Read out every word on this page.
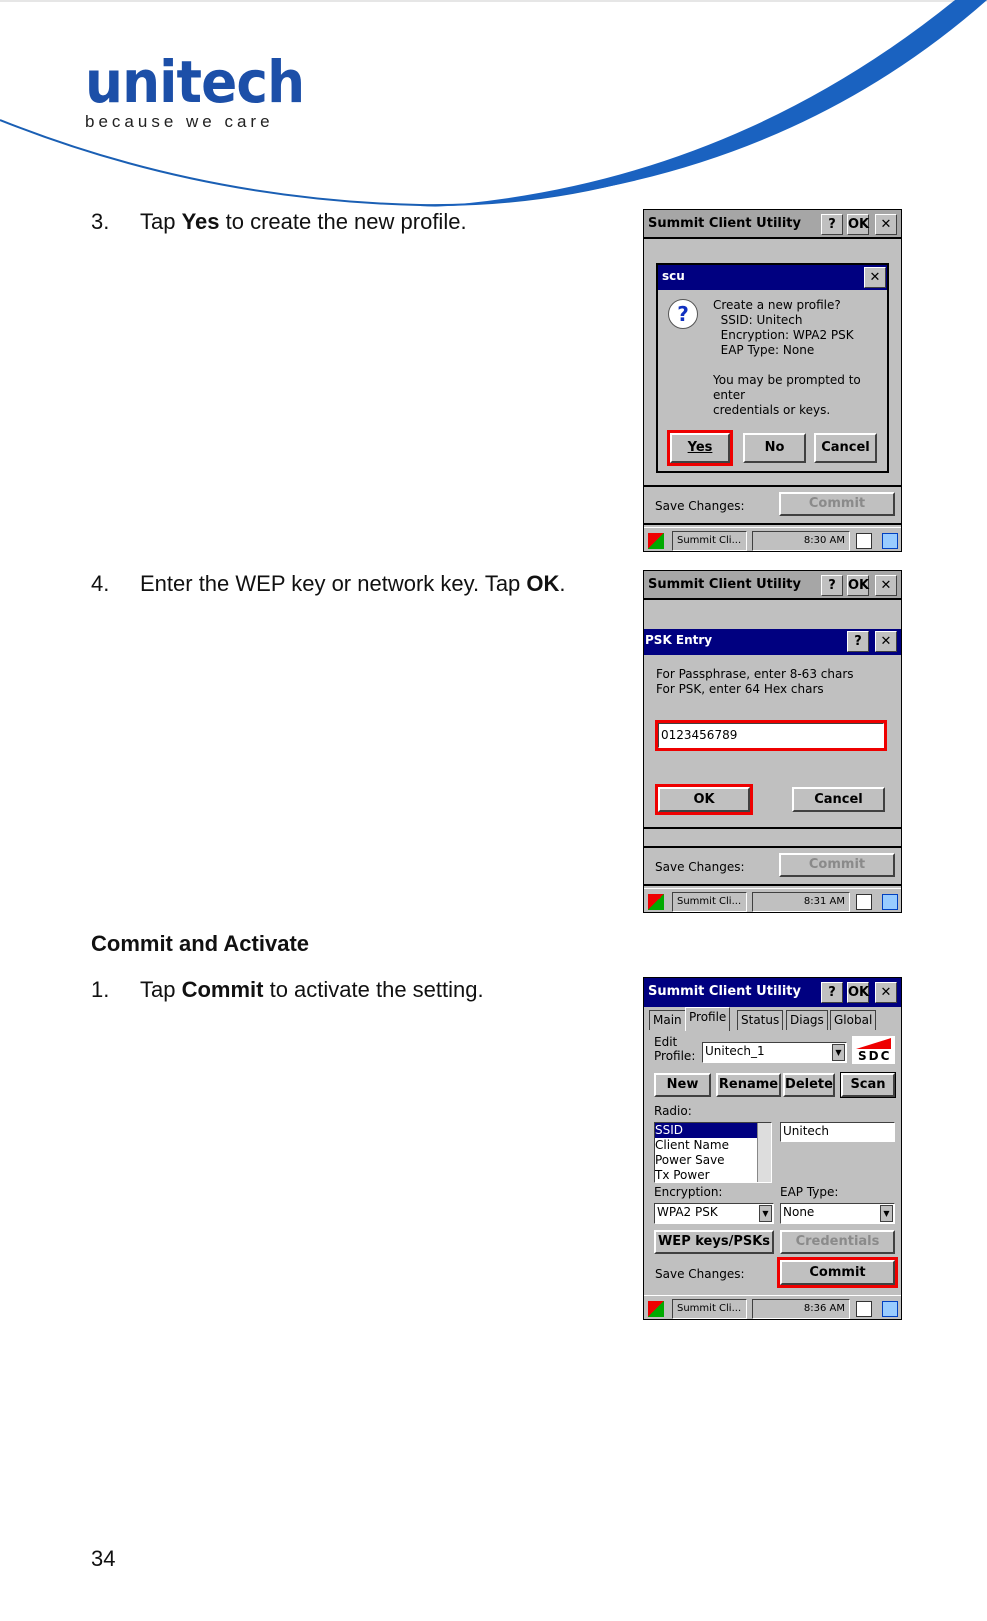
unitech
because we care
3. Tap Yes to create the new profile.
4. Enter the WEP key or network key. Tap OK.
Commit and Activate
1. Tap Commit to activate the setting.
34
Summit Client Utility	? OK ✕
scu	✕
?	Create a new profile?
SSID: Unitech
Encryption: WPA2 PSK
EAP Type: None
You may be prompted to
enter
credentials or keys.
Yes	No	Cancel
Save Changes:	Commit
Summit Cli...	8:30 AM
Summit Client Utility	? OK ✕
PSK Entry	?	✕
For Passphrase, enter 8-63 chars
For PSK, enter 64 Hex chars
0123456789
OK	Cancel
Save Changes:	Commit
Summit Cli...	8:31 AM
Summit Client Utility	? OK ✕
Main Profile	Status Diags Global
Edit
Profile: Unitech_1	▼ SDC
New	Rename Delete	Scan
Radio:
SSID
Client Name
Power Save
Tx Power
Unitech
Encryption:	EAP Type:
WPA2 PSK	▼ None	▼
WEP keys/PSKs	Credentials
Save Changes:	Commit
Summit Cli...	8:36 AM
